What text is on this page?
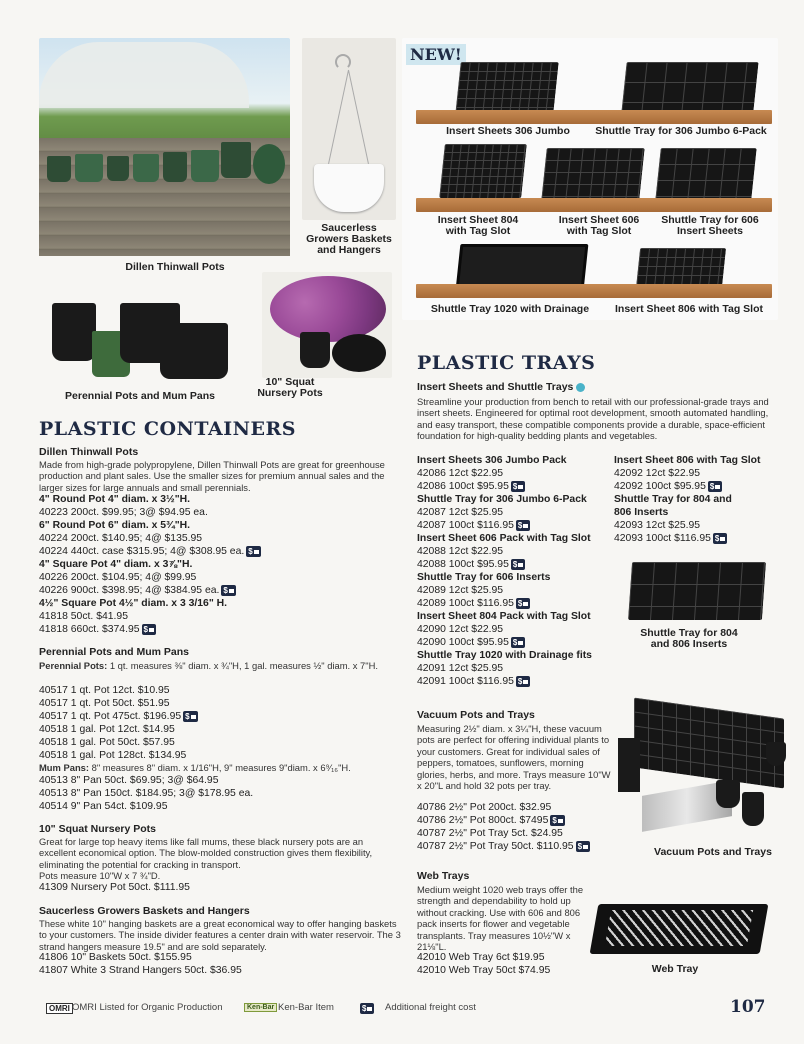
Dillen Thinwall Pots
Saucerless Growers Baskets and Hangers
Perennial Pots and Mum Pans
10" Squat Nursery Pots
NEW!
Insert Sheets 306 Jumbo	Shuttle Tray for 306 Jumbo 6-Pack
Insert Sheet 804 with Tag Slot
Insert Sheet 606 with Tag Slot
Shuttle Tray for 606 Insert Sheets
Shuttle Tray 1020 with Drainage	Insert Sheet 806 with Tag Slot
PLASTIC CONTAINERS
Dillen Thinwall Pots
Made from high-grade polypropylene, Dillen Thinwall Pots are great for greenhouse production and plant sales. Use the smaller sizes for premium annual sales and the larger sizes for large annuals and small perennials.
4" Round Pot 4" diam. x 3½"H.
40223 200ct. $99.95; 3@ $94.95 ea.
6" Round Pot 6" diam. x 5¾"H.
40224 200ct. $140.95; 4@ $135.95
40224 440ct. case $315.95; 4@ $308.95 ea. $
4" Square Pot 4" diam. x 3⅞"H.
40226 200ct. $104.95; 4@ $99.95
40226 900ct. $398.95; 4@ $384.95 ea. $
4½" Square Pot 4½" diam. x 3 3/16" H.
41818 50ct. $41.95
41818 660ct. $374.95 $
Perennial Pots and Mum Pans
Perennial Pots: 1 qt. measures ⅜" diam. x ¾"H, 1 gal. measures ½" diam. x 7"H.
40517 1 qt. Pot 12ct. $10.95
40517 1 qt. Pot 50ct. $51.95
40517 1 qt. Pot 475ct. $196.95 $
40518 1 gal. Pot 12ct. $14.95
40518 1 gal. Pot 50ct. $57.95
40518 1 gal. Pot 128ct. $134.95
Mum Pans: 8" measures 8" diam. x 1/16"H, 9" measures 9"diam. x 6⁹⁄₁₆"H.
40513 8" Pan 50ct. $69.95; 3@ $64.95
40513 8" Pan 150ct. $184.95; 3@ $178.95 ea.
40514 9" Pan 54ct. $109.95
10" Squat Nursery Pots
Great for large top heavy items like fall mums, these black nursery pots are an excellent economical option. The blow-molded construction gives them flexibility, eliminating the potential for cracking in transport.
Pots measure 10"W x 7 ¾"D.
41309 Nursery Pot 50ct. $111.95
Saucerless Growers Baskets and Hangers
These white 10" hanging baskets are a great economical way to offer hanging baskets to your customers. The inside divider features a center drain with water reservoir. The 3 strand hangers measure 19.5" and are sold separately.
41806 10" Baskets 50ct. $155.95
41807 White 3 Strand Hangers 50ct. $36.95
PLASTIC TRAYS
Insert Sheets and Shuttle Trays
Streamline your production from bench to retail with our professional-grade trays and insert sheets. Engineered for optimal root development, smooth automated handling, and easy transport, these compatible components provide a durable, space-efficient foundation for high-quality bedding plants and vegetables.
Insert Sheets 306 Jumbo Pack
42086 12ct $22.95
42086 100ct $95.95 $
Shuttle Tray for 306 Jumbo 6-Pack
42087 12ct $25.95
42087 100ct $116.95 $
Insert Sheet 606 Pack with Tag Slot
42088 12ct $22.95
42088 100ct $95.95 $
Shuttle Tray for 606 Inserts
42089 12ct $25.95
42089 100ct $116.95 $
Insert Sheet 804 Pack with Tag Slot
42090 12ct $22.95
42090 100ct $95.95 $
Shuttle Tray 1020 with Drainage fits
42091 12ct $25.95
42091 100ct $116.95 $
Insert Sheet 806 with Tag Slot
42092 12ct $22.95
42092 100ct $95.95 $
Shuttle Tray for 804 and
806 Inserts
42093 12ct $25.95
42093 100ct $116.95 $
Shuttle Tray for 804 and 806 Inserts
Vacuum Pots and Trays
Measuring 2½" diam. x 3¼"H, these vacuum pots are perfect for offering individual plants to your customers. Great for individual sales of peppers, tomatoes, sunflowers, morning glories, herbs, and more. Trays measure 10"W x 20"L and hold 32 pots per tray.
40786 2½" Pot 200ct. $32.95
40786 2½" Pot 800ct. $7495 $
40787 2½" Pot Tray 5ct. $24.95
40787 2½" Pot Tray 50ct. $110.95 $	Vacuum Pots and Trays
Web Trays
Medium weight 1020 web trays offer the strength and dependability to hold up without cracking. Use with 606 and 806 pack inserts for flower and vegetable transplants. Tray measures 10½"W x 21⅛"L.
42010 Web Tray 6ct $19.95
42010 Web Tray 50ct $74.95	Web Tray
OMRI OMRI Listed for Organic Production	Ken-Bar Ken-Bar Item	$	Additional freight cost	107
